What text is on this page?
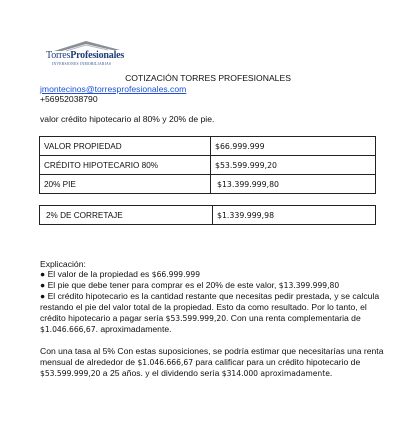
TorresProfesionales
INVERSIONES INMOBILIARIAS
COTIZACIÓN TORRES PROFESIONALES
jmontecinos@torresprofesionales.com
+56952038790
valor crédito hipotecario al 80% y 20% de pie.
VALOR PROPIEDAD	$66.999.999
CRÉDITO HIPOTECARIO 80%	$53.599.999,20
20% PIE	$13.399.999,80
2% DE CORRETAJE	$1.339.999,98
Explicación:
● El valor de la propiedad es $66.999.999
● El pie que debe tener para comprar es el 20% de este valor, $13.399.999,80
● El crédito hipotecario es la cantidad restante que necesitas pedir prestada, y se calcula
restando el pie del valor total de la propiedad. Esto da como resultado. Por lo tanto, el
crédito hipotecario a pagar sería $53.599.999,20. Con una renta complementaria de
$1.046.666,67. aproximadamente.
Con una tasa al 5% Con estas suposiciones, se podría estimar que necesitarías una renta
mensual de alrededor de $1.046.666,67 para calificar para un crédito hipotecario de
$53.599.999,20 a 25 años. y el dividendo sería $314.000 aproximadamente.
